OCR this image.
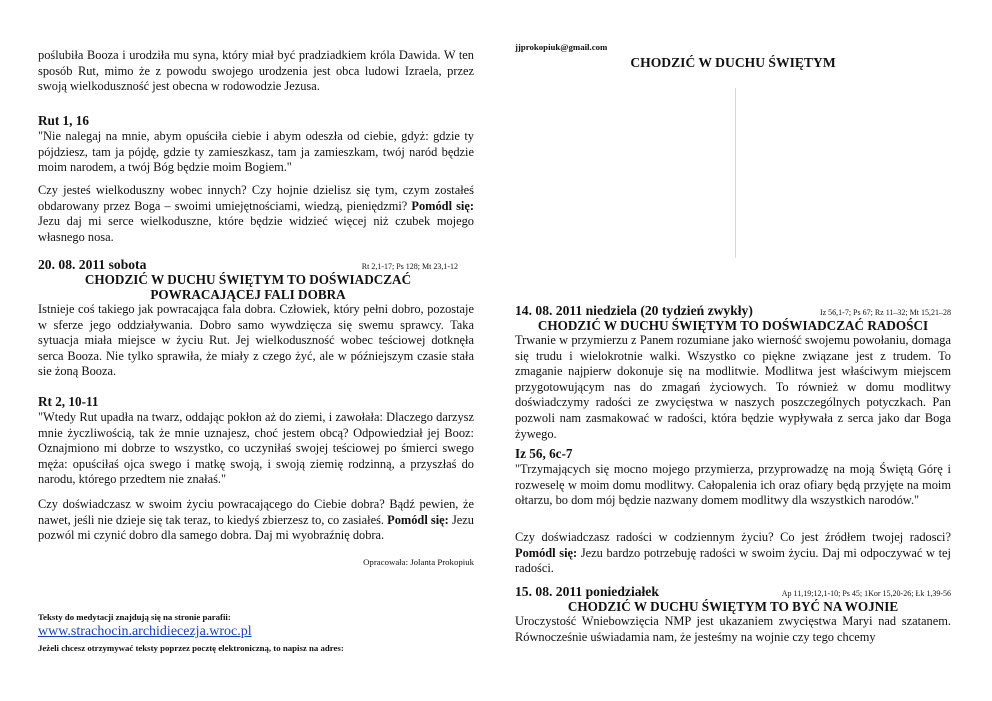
poślubiła Booza i urodziła mu syna, który miał być pradziadkiem króla Dawida. W ten sposób Rut, mimo że z powodu swojego urodzenia jest obca ludowi Izraela, przez swoją wielkoduszność jest obecna w rodowodzie Jezusa.

Rut 1, 16

"Nie nalegaj na mnie, abym opuściła ciebie i abym odeszła od ciebie, gdyż: gdzie ty pójdziesz, tam ja pójdę, gdzie ty zamieszkasz, tam ja zamieszkam, twój naród będzie moim narodem, a twój Bóg będzie moim Bogiem."

Czy jesteś wielkoduszny wobec innych? Czy hojnie dzielisz się tym, czym zostałeś obdarowany przez Boga – swoimi umiejętnościami, wiedzą, pieniędzmi? Pomódl się: Jezu daj mi serce wielkoduszne, które będzie widzieć więcej niż czubek mojego własnego nosa.

20. 08. 2011 sobota	Rt 2,1-17; Ps 128; Mt 23,1-12
CHODZIĆ W DUCHU ŚWIĘTYM TO DOŚWIADCZAĆ
POWRACAJĄCEJ FALI DOBRA

Istnieje coś takiego jak powracająca fala dobra. Człowiek, który pełni dobro, pozostaje w sferze jego oddziaływania. Dobro samo wywdzięcza się swemu sprawcy. Taka sytuacja miała miejsce w życiu Rut. Jej wielkoduszność wobec teściowej dotknęła serca Booza. Nie tylko sprawiła, że miały z czego żyć, ale w późniejszym czasie stała sie żoną Booza.

Rt 2, 10-11

"Wtedy Rut upadła na twarz, oddając pokłon aż do ziemi, i zawołała: Dlaczego darzysz mnie życzliwością, tak że mnie uznajesz, choć jestem obcą? Odpowiedział jej Booz: Oznajmiono mi dobrze to wszystko, co uczyniłaś swojej teściowej po śmierci swego męża: opuściłaś ojca swego i matkę swoją, i swoją ziemię rodzinną, a przyszłaś do narodu, którego przedtem nie znałaś."

Czy doświadczasz w swoim życiu powracającego do Ciebie dobra? Bądź pewien, że nawet, jeśli nie dzieje się tak teraz, to kiedyś zbierzesz to, co zasiałeś. Pomódl się: Jezu pozwól mi czynić dobro dla samego dobra. Daj mi wyobraźnię dobra.

Opracowała: Jolanta Prokopiuk
Teksty do medytacji znajdują się na stronie parafii:
www.strachocin.archidiecezja.wroc.pl
Jeżeli chcesz otrzymywać teksty poprzez pocztę elektroniczną, to napisz na adres:
jjprokopiuk@gmail.com
CHODZIĆ W DUCHU ŚWIĘTYM
14. 08. 2011 niedziela (20 tydzień zwykły)	Iz 56,1-7; Ps 67; Rz 11–32; Mt 15,21–28
CHODZIĆ W DUCHU ŚWIĘTYM TO DOŚWIADCZAĆ RADOŚCI

Trwanie w przymierzu z Panem rozumiane jako wierność swojemu powołaniu, domaga się trudu i wielokrotnie walki. Wszystko co piękne związane jest z trudem. To zmaganie najpierw dokonuje się na modlitwie. Modlitwa jest właściwym miejscem przygotowującym nas do zmagań życiowych. To również w domu modlitwy doświadczymy radości ze zwycięstwa w naszych poszczególnych potyczkach. Pan pozwoli nam zasmakować w radości, która będzie wypływała z serca jako dar Boga żywego.

Iz 56, 6c-7

"Trzymających się mocno mojego przymierza, przyprowadzę na moją Świętą Górę i rozweselę w moim domu modlitwy. Całopalenia ich oraz ofiary będą przyjęte na moim ołtarzu, bo dom mój będzie nazwany domem modlitwy dla wszystkich narodów."

Czy doświadczasz radości w codziennym życiu? Co jest źródłem twojej radosci? Pomódl się: Jezu bardzo potrzebuję radości w swoim życiu. Daj mi odpoczywać w tej radości.

15. 08. 2011 poniedziałek	Ap 11,19;12,1-10; Ps 45; 1Kor 15,20-26; Łk 1,39-56
CHODZIĆ W DUCHU ŚWIĘTYM TO BYĆ NA WOJNIE

Uroczystość Wniebowzięcia NMP jest ukazaniem zwycięstwa Maryi nad szatanem. Równocześnie uświadamia nam, że jesteśmy na wojnie czy tego chcemy
